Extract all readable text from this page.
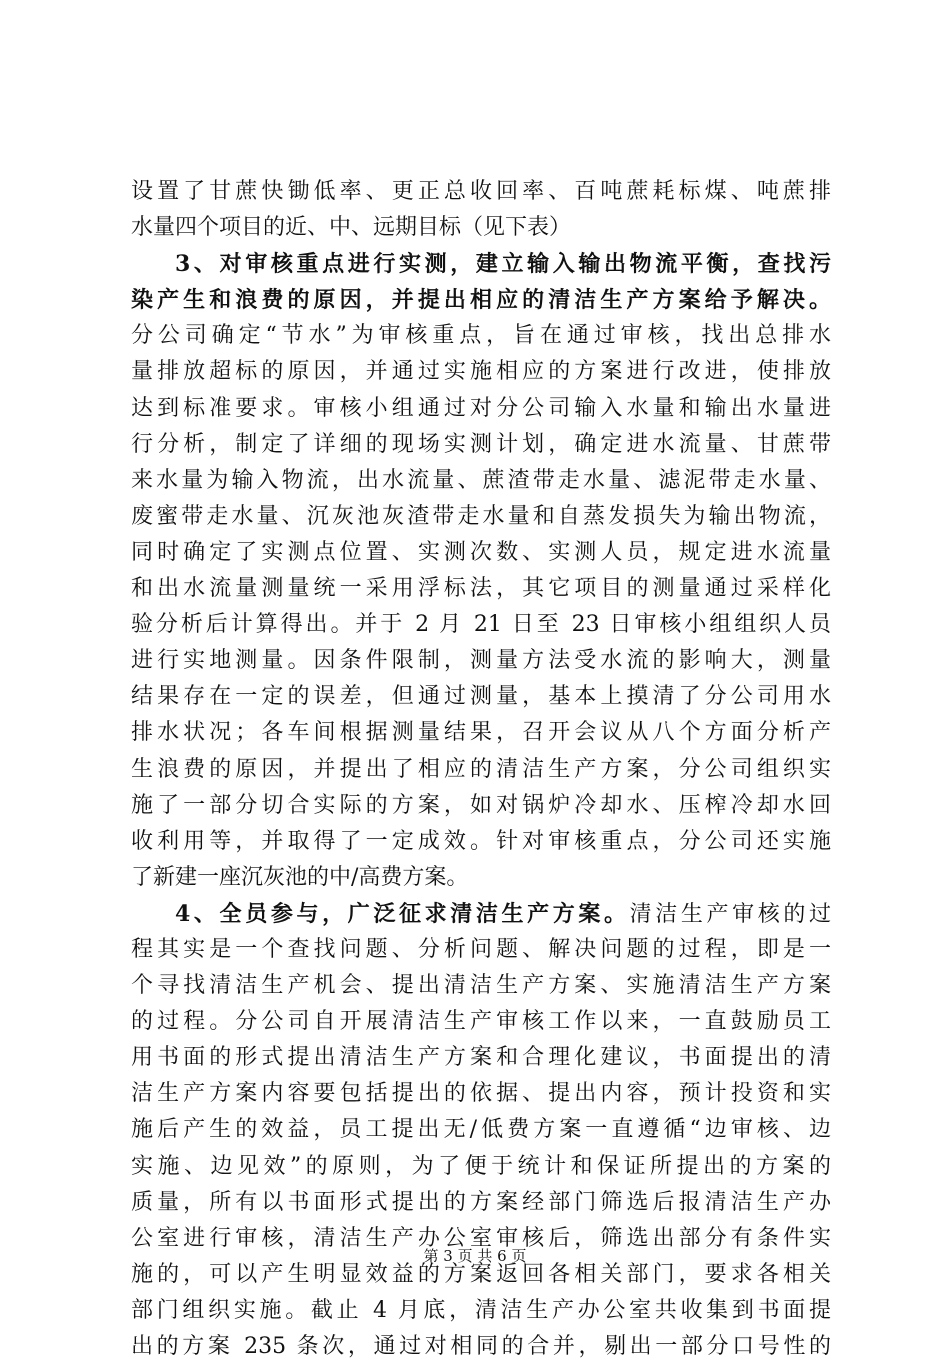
设置了甘蔗快锄低率、更正总收回率、百吨蔗耗标煤、吨蔗排
水量四个项目的近、中、远期目标（见下表）
3、对审核重点进行实测，建立输入输出物流平衡，查找污
染产生和浪费的原因，并提出相应的清洁生产方案给予解决。
分公司确定“节水”为审核重点，旨在通过审核，找出总排水
量排放超标的原因，并通过实施相应的方案进行改进，使排放
达到标准要求。审核小组通过对分公司输入水量和输出水量进
行分析，制定了详细的现场实测计划，确定进水流量、甘蔗带
来水量为输入物流，出水流量、蔗渣带走水量、滤泥带走水量、
废蜜带走水量、沉灰池灰渣带走水量和自蒸发损失为输出物流，
同时确定了实测点位置、实测次数、实测人员，规定进水流量
和出水流量测量统一采用浮标法，其它项目的测量通过采样化
验分析后计算得出。并于 2 月 21 日至 23 日审核小组组织人员
进行实地测量。因条件限制，测量方法受水流的影响大，测量
结果存在一定的误差，但通过测量，基本上摸清了分公司用水
排水状况；各车间根据测量结果，召开会议从八个方面分析产
生浪费的原因，并提出了相应的清洁生产方案，分公司组织实
施了一部分切合实际的方案，如对锅炉冷却水、压榨冷却水回
收利用等，并取得了一定成效。针对审核重点，分公司还实施
了新建一座沉灰池的中/高费方案。
4、全员参与，广泛征求清洁生产方案。清洁生产审核的过
程其实是一个查找问题、分析问题、解决问题的过程，即是一
个寻找清洁生产机会、提出清洁生产方案、实施清洁生产方案
的过程。分公司自开展清洁生产审核工作以来，一直鼓励员工
用书面的形式提出清洁生产方案和合理化建议，书面提出的清
洁生产方案内容要包括提出的依据、提出内容，预计投资和实
施后产生的效益，员工提出无/低费方案一直遵循“边审核、边
实施、边见效”的原则，为了便于统计和保证所提出的方案的
质量，所有以书面形式提出的方案经部门筛选后报清洁生产办
公室进行审核，清洁生产办公室审核后，筛选出部分有条件实
施的，可以产生明显效益的方案返回各相关部门，要求各相关
部门组织实施。截止 4 月底，清洁生产办公室共收集到书面提
出的方案 235 条次，通过对相同的合并，剔出一部分口号性的
第 3 页 共 6 页
